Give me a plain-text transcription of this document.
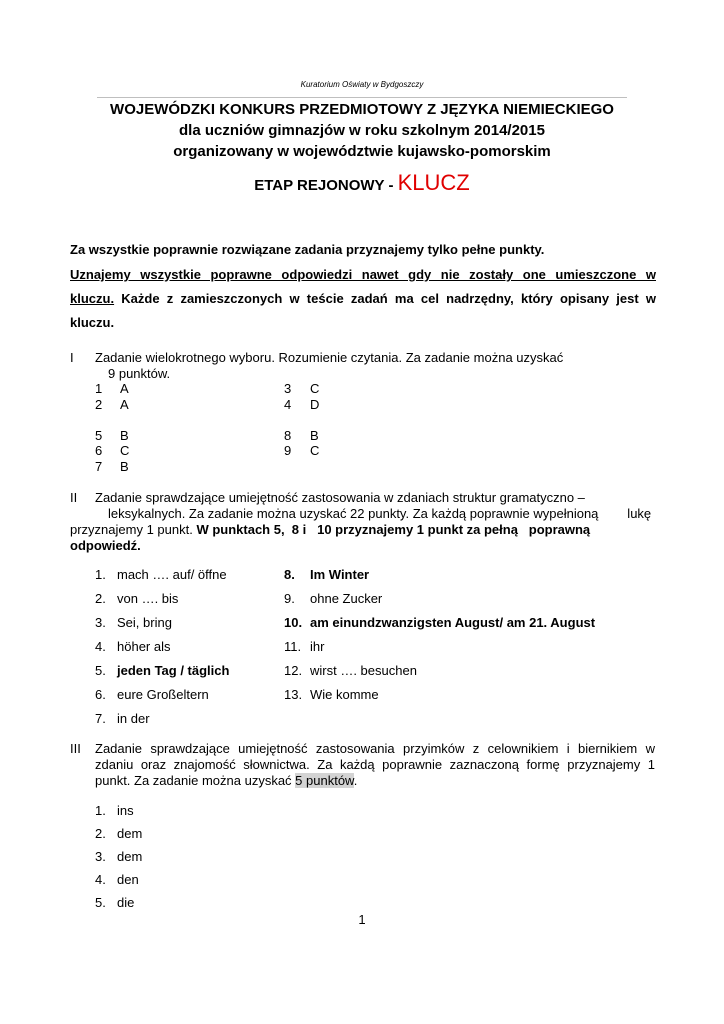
Kuratorium Oświaty w Bydgoszczy
WOJEWÓDZKI KONKURS PRZEDMIOTOWY Z JĘZYKA NIEMIECKIEGO
dla uczniów gimnazjów w roku szkolnym 2014/2015
organizowany w województwie kujawsko-pomorskim
ETAP REJONOWY - KLUCZ
Za wszystkie poprawnie rozwiązane zadania przyznajemy tylko pełne punkty.
Uznajemy wszystkie poprawne odpowiedzi nawet gdy nie zostały one umieszczone w
kluczu. Każde z zamieszczonych w teście zadań ma cel nadrzędny, który opisany jest w
kluczu.
I Zadanie wielokrotnego wyboru. Rozumienie czytania. Za zadanie można uzyskać
9 punktów.
1 A
2 A
5 B
6 C
7 B
3 C
4 D
8 B
9 C
II Zadanie sprawdzające umiejętność zastosowania w zdaniach struktur gramatyczno –
leksykalnych. Za zadanie można uzyskać 22 punkty. Za każdą poprawnie wypełnioną        lukę
przyznajemy 1 punkt. W punktach 5,  8 i   10 przyznajemy 1 punkt za pełną   poprawną
odpowiedź.
1. mach …. auf/ öffne
2. von …. bis
3. Sei, bring
4. höher als
5. jeden Tag / täglich
6. eure Großeltern
7. in der
8. Im Winter
9. ohne Zucker
10. am einundzwanzigsten August/ am 21. August
11. ihr
12. wirst …. besuchen
13. Wie komme
III Zadanie sprawdzające umiejętność zastosowania przyimków z celownikiem i biernikiem w
zdaniu oraz znajomość słownictwa. Za każdą poprawnie zaznaczoną formę przyznajemy 1
punkt. Za zadanie można uzyskać 5 punktów.
1. ins
2. dem
3. dem
4. den
5. die
1
